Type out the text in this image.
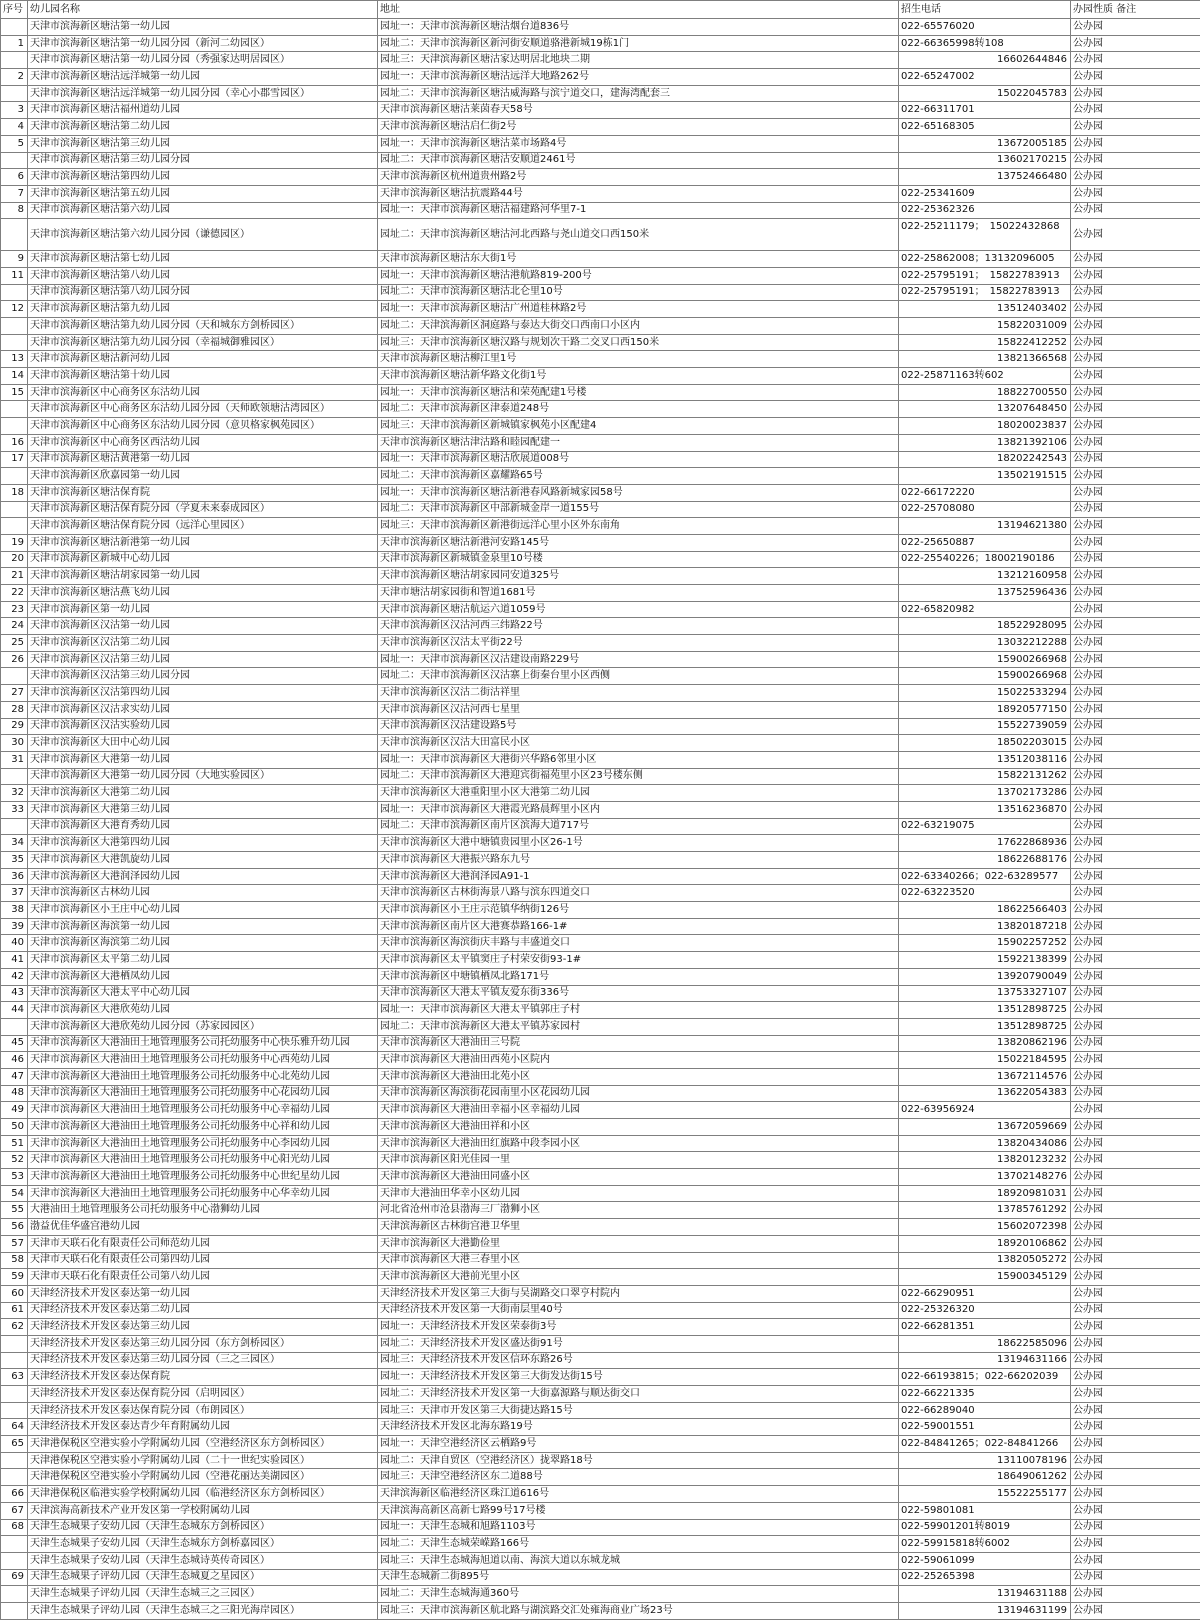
序号	幼儿园名称	地址	招生电话	办园性质 备注
	天津市滨海新区塘沽第一幼儿园	园址一：天津市滨海新区塘沽烟台道836号	022-65576020	公办园
1	天津市滨海新区塘沽第一幼儿园分园（新河二幼园区）	园址二：天津市滨海新区新河街安顺道骆港新城19栋1门	022-66365998转108	公办园
	天津市滨海新区塘沽第一幼儿园分园（秀强家达明居园区）	园址三：天津滨海新区塘沽家达明居北地块二期	16602644846	公办园
2	天津市滨海新区塘沽远洋城第一幼儿园	园址一：天津市滨海新区塘沽远洋大地路262号	022-65247002	公办园
	天津市滨海新区塘沽远洋城第一幼儿园分园（幸心小郡雪园区）	园址二：天津市滨海新区塘沽威海路与滨宁道交口，建海湾配套三	15022045783	公办园
3	天津市滨海新区塘沽福州道幼儿园	天津市滨海新区塘沽莱茵春天58号	022-66311701	公办园
4	天津市滨海新区塘沽第二幼儿园	天津市滨海新区塘沽启仁街2号	022-65168305	公办园
5	天津市滨海新区塘沽第三幼儿园	园址一：天津市滨海新区塘沽菜市场路4号	13672005185	公办园
	天津市滨海新区塘沽第三幼儿园分园	园址二：天津市滨海新区塘沽安顺道2461号	13602170215	公办园
6	天津市滨海新区塘沽第四幼儿园	天津市滨海新区杭州道贵州路2号	13752466480	公办园
7	天津市滨海新区塘沽第五幼儿园	天津市滨海新区塘沽抗震路44号	022-25341609	公办园
8	天津市滨海新区塘沽第六幼儿园	园址一：天津市滨海新区塘沽福建路河华里7-1	022-25362326	公办园
	天津市滨海新区塘沽第六幼儿园分园（谦德园区）	园址二：天津市滨海新区塘沽河北西路与尧山道交口西150米	022-25211179；　15022432868	公办园
9	天津市滨海新区塘沽第七幼儿园	天津市滨海新区塘沽东大街1号	022-25862008；13132096005	公办园
11	天津市滨海新区塘沽第八幼儿园	园址一：天津市滨海新区塘沽港航路819-200号	022-25795191；　15822783913	公办园
	天津市滨海新区塘沽第八幼儿园分园	园址二：天津市滨海新区塘沽北仑里10号	022-25795191；　15822783913	公办园
12	天津市滨海新区塘沽第九幼儿园	园址一：天津市滨海新区塘沽广州道桂林路2号	13512403402	公办园
	天津市滨海新区塘沽第九幼儿园分园（天和城东方剑桥园区）	园址二：天津滨海新区洞庭路与泰达大街交口西南口小区内	15822031009	公办园
	天津市滨海新区塘沽第九幼儿园分园（幸福城御雅园区）	园址三：天津市滨海新区塘汉路与规划次干路二交叉口西150米	15822412252	公办园
13	天津市滨海新区塘沽新河幼儿园	天津市滨海新区塘沽柳江里1号	13821366568	公办园
14	天津市滨海新区塘沽第十幼儿园	天津市滨海新区塘沽新华路文化街1号	022-25871163转602	公办园
15	天津市滨海新区中心商务区东沽幼儿园	园址一：天津市滨海新区塘沽和荣苑配建1号楼	18822700550	公办园
	天津市滨海新区中心商务区东沽幼儿园分园（天师欧领塘沽湾园区）	园址二：天津市滨海新区津泰道248号	13207648450	公办园
	天津市滨海新区中心商务区东沽幼儿园分园（意贝格家枫苑园区）	园址三：天津市滨海新区新城镇家枫苑小区配建4	18020023837	公办园
16	天津市滨海新区中心商务区西沽幼儿园	天津市滨海新区塘沽津沽路和睦园配建一	13821392106	公办园
17	天津市滨海新区塘沽黄港第一幼儿园	园址一：天津市滨海新区塘沽欣展道008号	18202242543	公办园
	天津市滨海新区欣嘉园第一幼儿园	园址二：天津市滨海新区嘉耀路65号	13502191515	公办园
18	天津市滨海新区塘沽保育院	园址一：天津市滨海新区塘沽新港春风路新城家园58号	022-66172220	公办园
	天津市滨海新区塘沽保育院分园（学夏未来泰成园区）	园址二：天津市滨海新区中部新城金岸一道155号	022-25708080	公办园
	天津市滨海新区塘沽保育院分园（远洋心里园区）	园址三：天津市滨海新区新港街远洋心里小区外东南角	13194621380	公办园
19	天津市滨海新区塘沽新港第一幼儿园	天津市滨海新区塘沽新港河安路145号	022-25650887	公办园
20	天津市滨海新区新城中心幼儿园	天津市滨海新区新城镇金泉里10号楼	022-25540226；18002190186	公办园
21	天津市滨海新区塘沽胡家园第一幼儿园	天津市滨海新区塘沽胡家园同安道325号	13212160958	公办园
22	天津市滨海新区塘沽燕飞幼儿园	天津市塘沽胡家园街和智道1681号	13752596436	公办园
23	天津市滨海新区第一幼儿园	天津市滨海新区塘沽航运六道1059号	022-65820982	公办园
24	天津市滨海新区汉沽第一幼儿园	天津市滨海新区汉沽河西三纬路22号	18522928095	公办园
25	天津市滨海新区汉沽第二幼儿园	天津市滨海新区汉沽太平街22号	13032212288	公办园
26	天津市滨海新区汉沽第三幼儿园	园址一：天津市滨海新区汉沽建设南路229号	15900266968	公办园
	天津市滨海新区汉沽第三幼儿园分园	园址二：天津市滨海新区汉沽寨上街秦台里小区西侧	15900266968	公办园
27	天津市滨海新区汉沽第四幼儿园	天津市滨海新区汉沽二街沽祥里	15022533294	公办园
28	天津市滨海新区汉沽求实幼儿园	天津市滨海新区汉沽河西七星里	18920577150	公办园
29	天津市滨海新区汉沽实验幼儿园	天津市滨海新区汉沽建设路5号	15522739059	公办园
30	天津市滨海新区大田中心幼儿园	天津市滨海新区汉沽大田富民小区	18502203015	公办园
31	天津市滨海新区大港第一幼儿园	园址一：天津市滨海新区大港街兴华路6邻里小区	13512038116	公办园
	天津市滨海新区大港第一幼儿园分园（大地实验园区）	园址二：天津市滨海新区大港迎宾街福苑里小区23号楼东侧	15822131262	公办园
32	天津市滨海新区大港第二幼儿园	天津市滨海新区大港重阳里小区大港第二幼儿园	13702173286	公办园
33	天津市滨海新区大港第三幼儿园	园址一：天津市滨海新区大港霞光路晨辉里小区内	13516236870	公办园
	天津市滨海新区大港育秀幼儿园	园址二：天津市滨海新区南片区滨海大道717号	022-63219075	公办园
34	天津市滨海新区大港第四幼儿园	天津市滨海新区大港中塘镇贵园里小区26-1号	17622868936	公办园
35	天津市滨海新区大港凯旋幼儿园	天津市滨海新区大港振兴路东九号	18622688176	公办园
36	天津市滨海新区大港润泽园幼儿园	天津市滨海新区大港润泽园A91-1	022-63340266；022-63289577	公办园
37	天津市滨海新区古林幼儿园	天津市滨海新区古林街海景八路与滨东四道交口	022-63223520	公办园
38	天津市滨海新区小王庄中心幼儿园	天津市滨海新区小王庄示范镇华纳街126号	18622566403	公办园
39	天津市滨海新区海滨第一幼儿园	天津市滨海新区南片区大港赛恭路166-1#	13820187218	公办园
40	天津市滨海新区海滨第二幼儿园	天津市滨海新区海滨街庆丰路与丰盛道交口	15902257252	公办园
41	天津市滨海新区太平第二幼儿园	天津市滨海新区太平镇窦庄子村荣安街93-1#	15922138399	公办园
42	天津市滨海新区大港栖凤幼儿园	天津市滨海新区中塘镇栖凤北路171号	13920790049	公办园
43	天津市滨海新区大港太平中心幼儿园	天津市滨海新区大港太平镇友爱东街336号	13753327107	公办园
44	天津市滨海新区大港欣苑幼儿园	园址一：天津市滨海新区大港太平镇郭庄子村	13512898725	公办园
	天津市滨海新区大港欣苑幼儿园分园（苏家园园区）	园址二：天津市滨海新区大港太平镇苏家园村	13512898725	公办园
45	天津市滨海新区大港油田土地管理服务公司托幼服务中心快乐雅升幼儿园	天津市滨海新区大港油田三号院	13820862196	公办园
46	天津市滨海新区大港油田土地管理服务公司托幼服务中心西苑幼儿园	天津市滨海新区大港油田西苑小区院内	15022184595	公办园
47	天津市滨海新区大港油田土地管理服务公司托幼服务中心北苑幼儿园	天津市滨海新区大港油田北苑小区	13672114576	公办园
48	天津市滨海新区大港油田土地管理服务公司托幼服务中心花园幼儿园	天津市滨海新区海滨街花园南里小区花园幼儿园	13622054383	公办园
49	天津市滨海新区大港油田土地管理服务公司托幼服务中心幸福幼儿园	天津市滨海新区大港油田幸福小区幸福幼儿园	022-63956924	公办园
50	天津市滨海新区大港油田土地管理服务公司托幼服务中心祥和幼儿园	天津市滨海新区大港油田祥和小区	13672059669	公办园
51	天津市滨海新区大港油田土地管理服务公司托幼服务中心李园幼儿园	天津市滨海新区大港油田红旗路中段李园小区	13820434086	公办园
52	天津市滨海新区大港油田土地管理服务公司托幼服务中心阳光幼儿园	天津市滨海新区阳光佳园一里	13820123232	公办园
53	天津市滨海新区大港油田土地管理服务公司托幼服务中心世纪星幼儿园	天津市滨海新区大港油田同盛小区	13702148276	公办园
54	天津市滨海新区大港油田土地管理服务公司托幼服务中心华幸幼儿园	天津市大港油田华幸小区幼儿园	18920981031	公办园
55	大港油田土地管理服务公司托幼服务中心渤狮幼儿园	河北省沧州市沧县渤海三厂渤狮小区	13785761292	公办园
56	渤益优佳华盛宫港幼儿园	天津滨海新区古林街宫港卫华里	15602072398	公办园
57	天津市天联石化有限责任公司师范幼儿园	天津市滨海新区大港勤俭里	18920106862	公办园
58	天津市天联石化有限责任公司第四幼儿园	天津市滨海新区大港三春里小区	13820505272	公办园
59	天津市天联石化有限责任公司第八幼儿园	天津市滨海新区大港前光里小区	15900345129	公办园
60	天津经济技术开发区泰达第一幼儿园	天津经济技术开发区第三大街与吴湖路交口翠亨村院内	022-66290951	公办园
61	天津经济技术开发区泰达第二幼儿园	天津经济技术开发区第一大街南层里40号	022-25326320	公办园
62	天津经济技术开发区泰达第三幼儿园	园址一：天津经济技术开发区荣泰街3号	022-66281351	公办园
	天津经济技术开发区泰达第三幼儿园分园（东方剑桥园区）	园址二：天津经济技术开发区盛达街91号	18622585096	公办园
	天津经济技术开发区泰达第三幼儿园分园（三之三园区）	园址三：天津经济技术开发区信环东路26号	13194631166	公办园
63	天津经济技术开发区泰达保育院	园址一：天津经济技术开发区第三大街发达街15号	022-66193815；022-66202039	公办园
	天津经济技术开发区泰达保育院分园（启明园区）	园址二：天津经济技术开发区第一大街嘉源路与顺达街交口	022-66221335	公办园
	天津经济技术开发区泰达保育院分园（布朗园区）	园址三：天津市开发区第三大街捷达路15号	022-66289040	公办园
64	天津经济技术开发区泰达青少年育附属幼儿园	天津经济技术开发区北海东路19号	022-59001551	公办园
65	天津港保税区空港实验小学附属幼儿园（空港经济区东方剑桥园区）	园址一：天津空港经济区云栖路9号	022-84841265；022-84841266	公办园
	天津港保税区空港实验小学附属幼儿园（二十一世纪实验园区）	园址二：天津自贸区（空港经济区）拢翠路18号	13110078196	公办园
	天津港保税区空港实验小学附属幼儿园（空港花丽达美湖园区）	园址三：天津空港经济区东二道88号	18649061262	公办园
66	天津港保税区临港实验学校附属幼儿园（临港经济区东方剑桥园区）	天津滨海新区临港经济区珠江道616号	15522255177	公办园
67	天津滨海高新技术产业开发区第一学校附属幼儿园	天津滨海高新区高新七路99号17号楼	022-59801081	公办园
68	天津生态城果子安幼儿园（天津生态城东方剑桥园区）	园址一：天津生态城和旭路1103号	022-59901201转8019	公办园
	天津生态城果子安幼儿园（天津生态城东方剑桥嘉园区）	园址二：天津生态城荣嵘路166号	022-59915818转6002	公办园
	天津生态城果子安幼儿园（天津生态城诗英传奇园区）	园址三：天津生态城海旭道以南、海滨大道以东城龙城	022-59061099	公办园
69	天津生态城果子评幼儿园（天津生态城夏之星园区）	天津生态城新二街895号	022-25265398	公办园
	天津生态城果子评幼儿园（天津生态城三之三园区）	园址二：天津生态城海通360号	13194631188	公办园
	天津生态城果子评幼儿园（天津生态城三之三阳光海岸园区）	园址三：天津市滨海新区航北路与湖滨路交汇处雍海商业广场23号	13194631199	公办园
